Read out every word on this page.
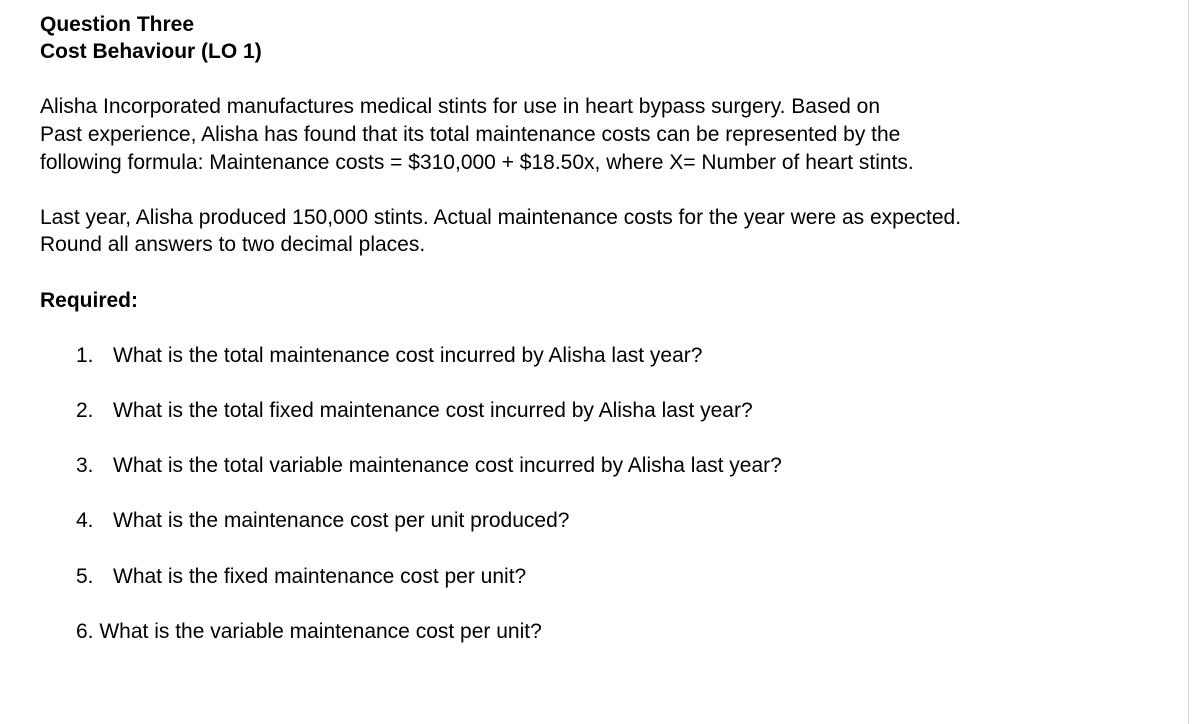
Question Three

Cost Behaviour (LO 1)

Alisha Incorporated manufactures medical stints for use in heart bypass surgery. Based on

Past experience, Alisha has found that its total maintenance costs can be represented by the

following formula: Maintenance costs = $310,000 + $18.50x, where X= Number of heart stints.

Last year, Alisha produced 150,000 stints. Actual maintenance costs for the year were as expected.

Round all answers to two decimal places.

Required:

1. What is the total maintenance cost incurred by Alisha last year?
2. What is the total fixed maintenance cost incurred by Alisha last year?
3. What is the total variable maintenance cost incurred by Alisha last year?
4. What is the maintenance cost per unit produced?
5. What is the fixed maintenance cost per unit?
6. What is the variable maintenance cost per unit?
